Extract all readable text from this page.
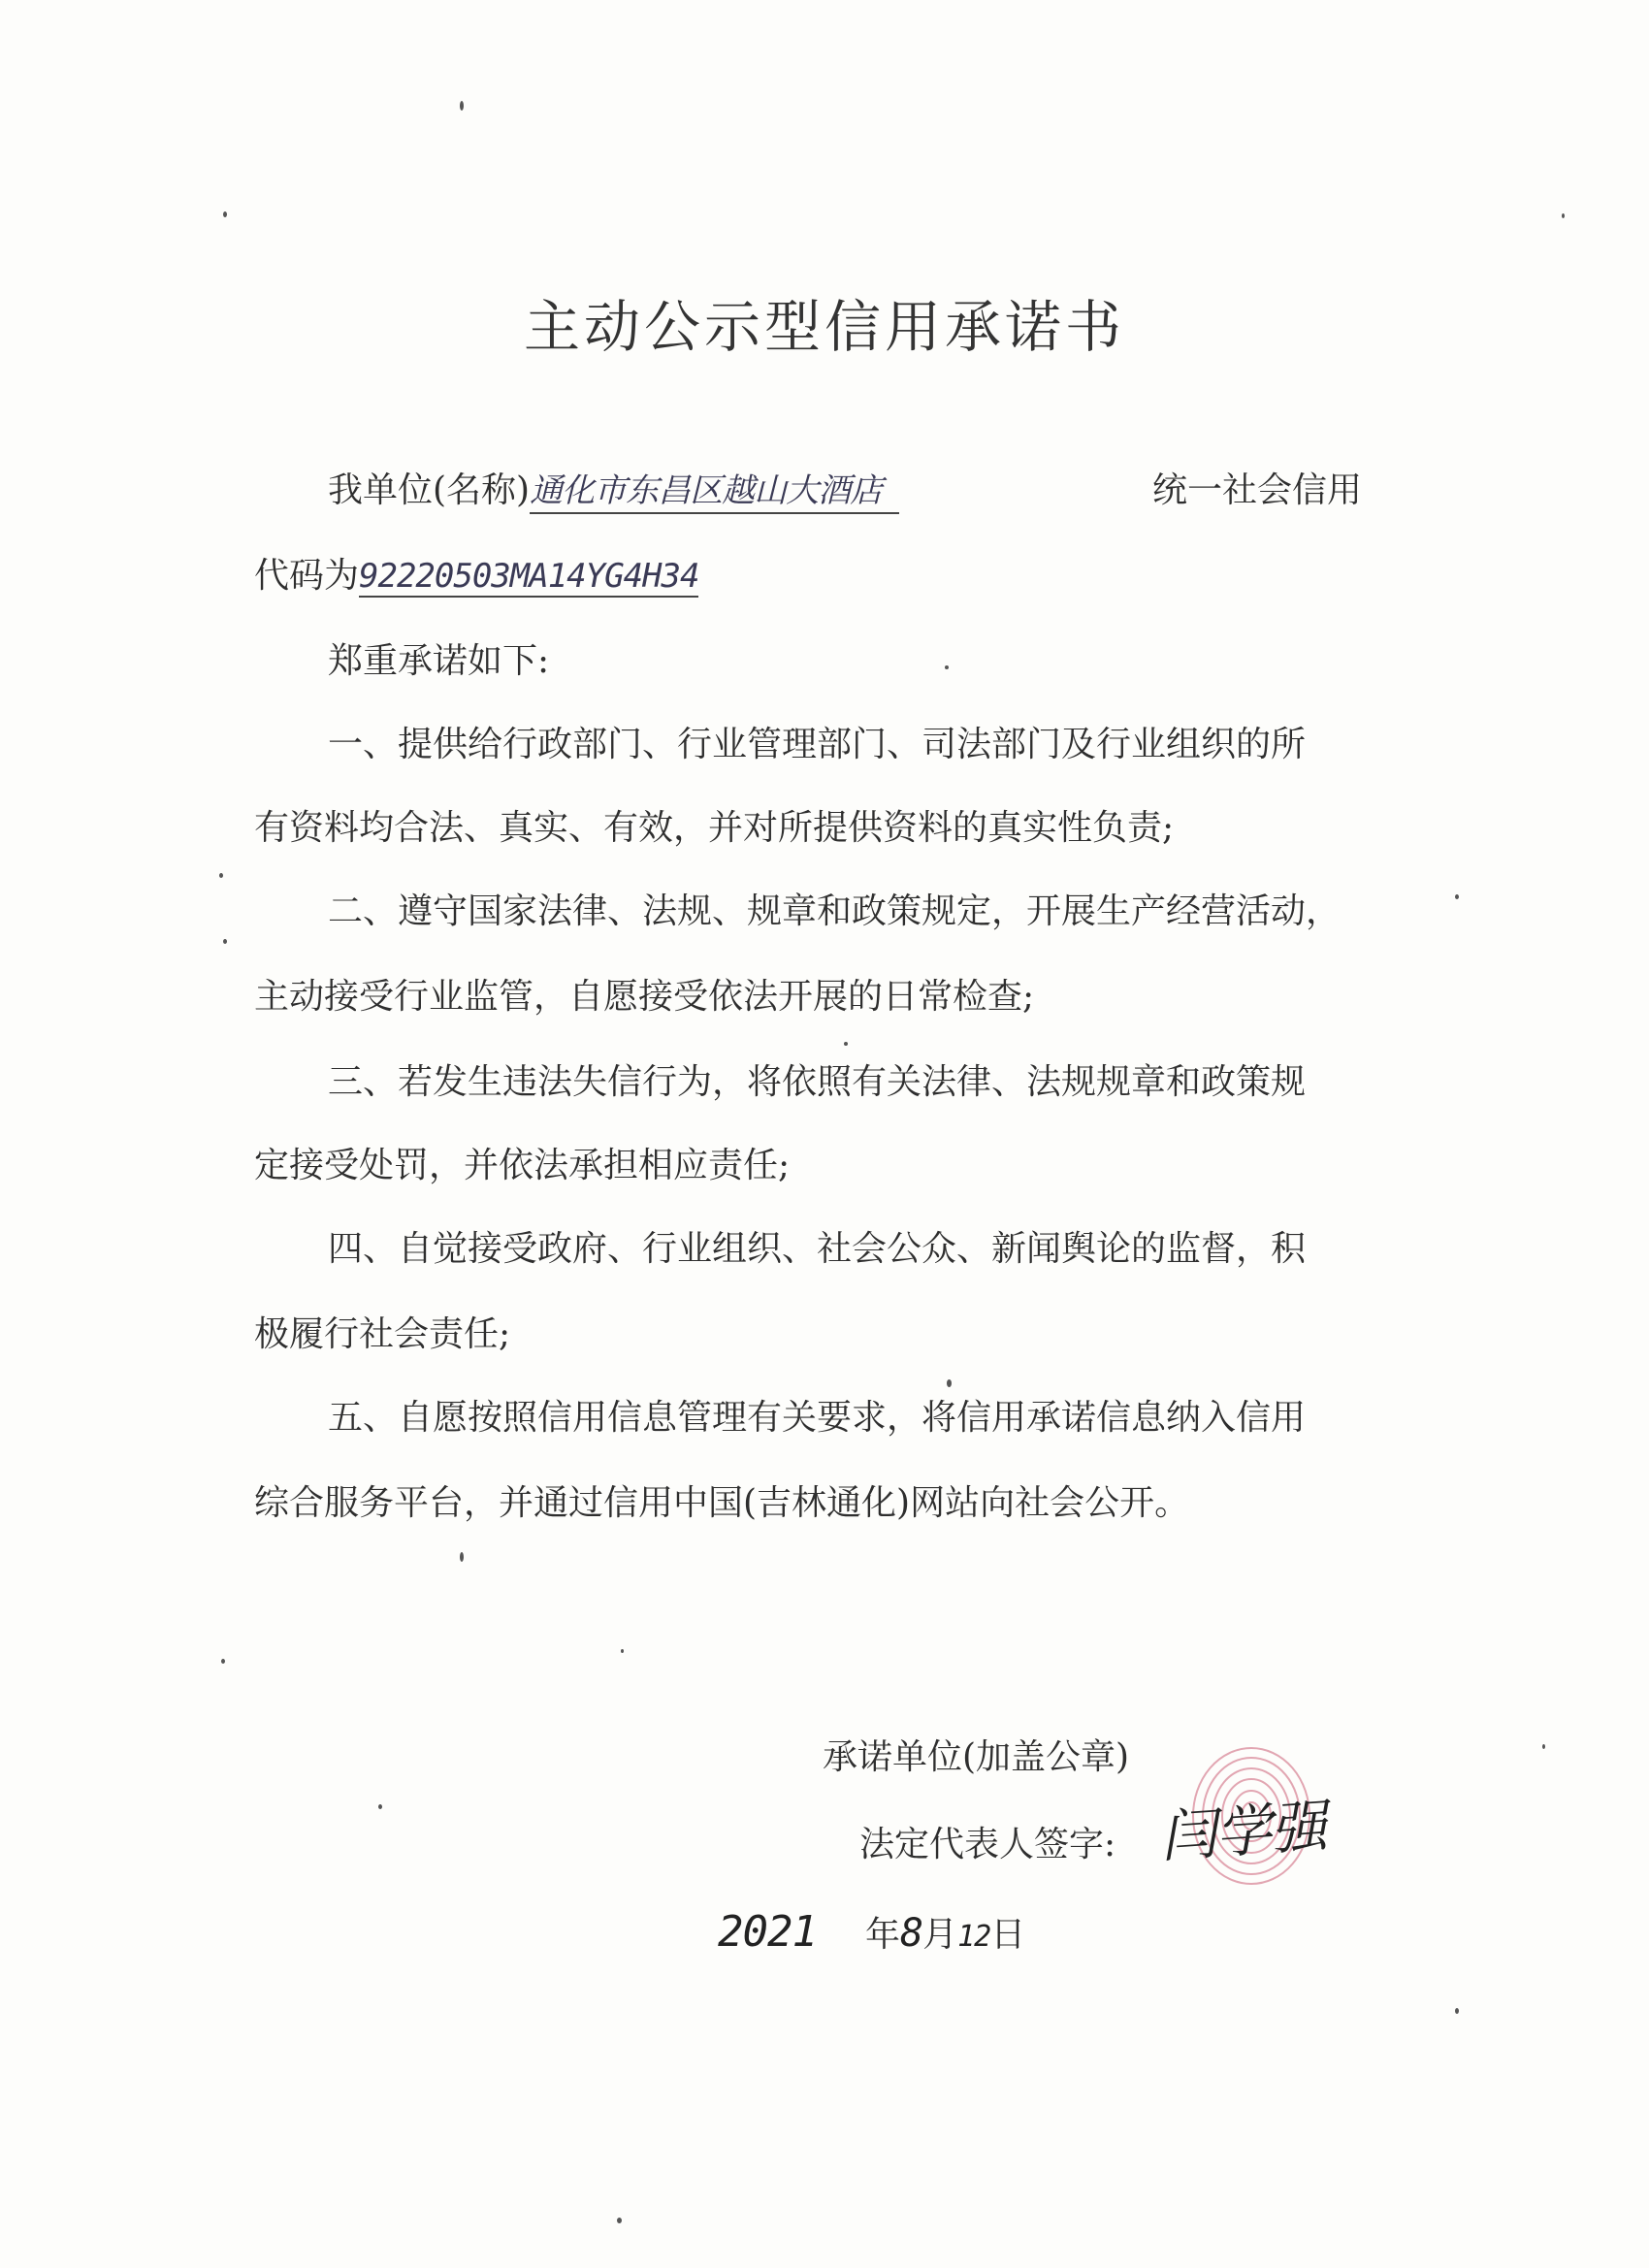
主动公示型信用承诺书
我单位(名称)通化市东昌区越山大酒店	统一社会信用
代码为92220503MA14YG4H34
郑重承诺如下:
一、提供给行政部门、行业管理部门、司法部门及行业组织的所
有资料均合法、真实、有效，并对所提供资料的真实性负责;
二、遵守国家法律、法规、规章和政策规定，开展生产经营活动，
主动接受行业监管，自愿接受依法开展的日常检查;
三、若发生违法失信行为，将依照有关法律、法规规章和政策规
定接受处罚，并依法承担相应责任;
四、自觉接受政府、行业组织、社会公众、新闻舆论的监督，积
极履行社会责任;
五、自愿按照信用信息管理有关要求，将信用承诺信息纳入信用
综合服务平台，并通过信用中国(吉林通化)网站向社会公开。
承诺单位(加盖公章)
法定代表人签字: 闫学强
2021 年8月12日
